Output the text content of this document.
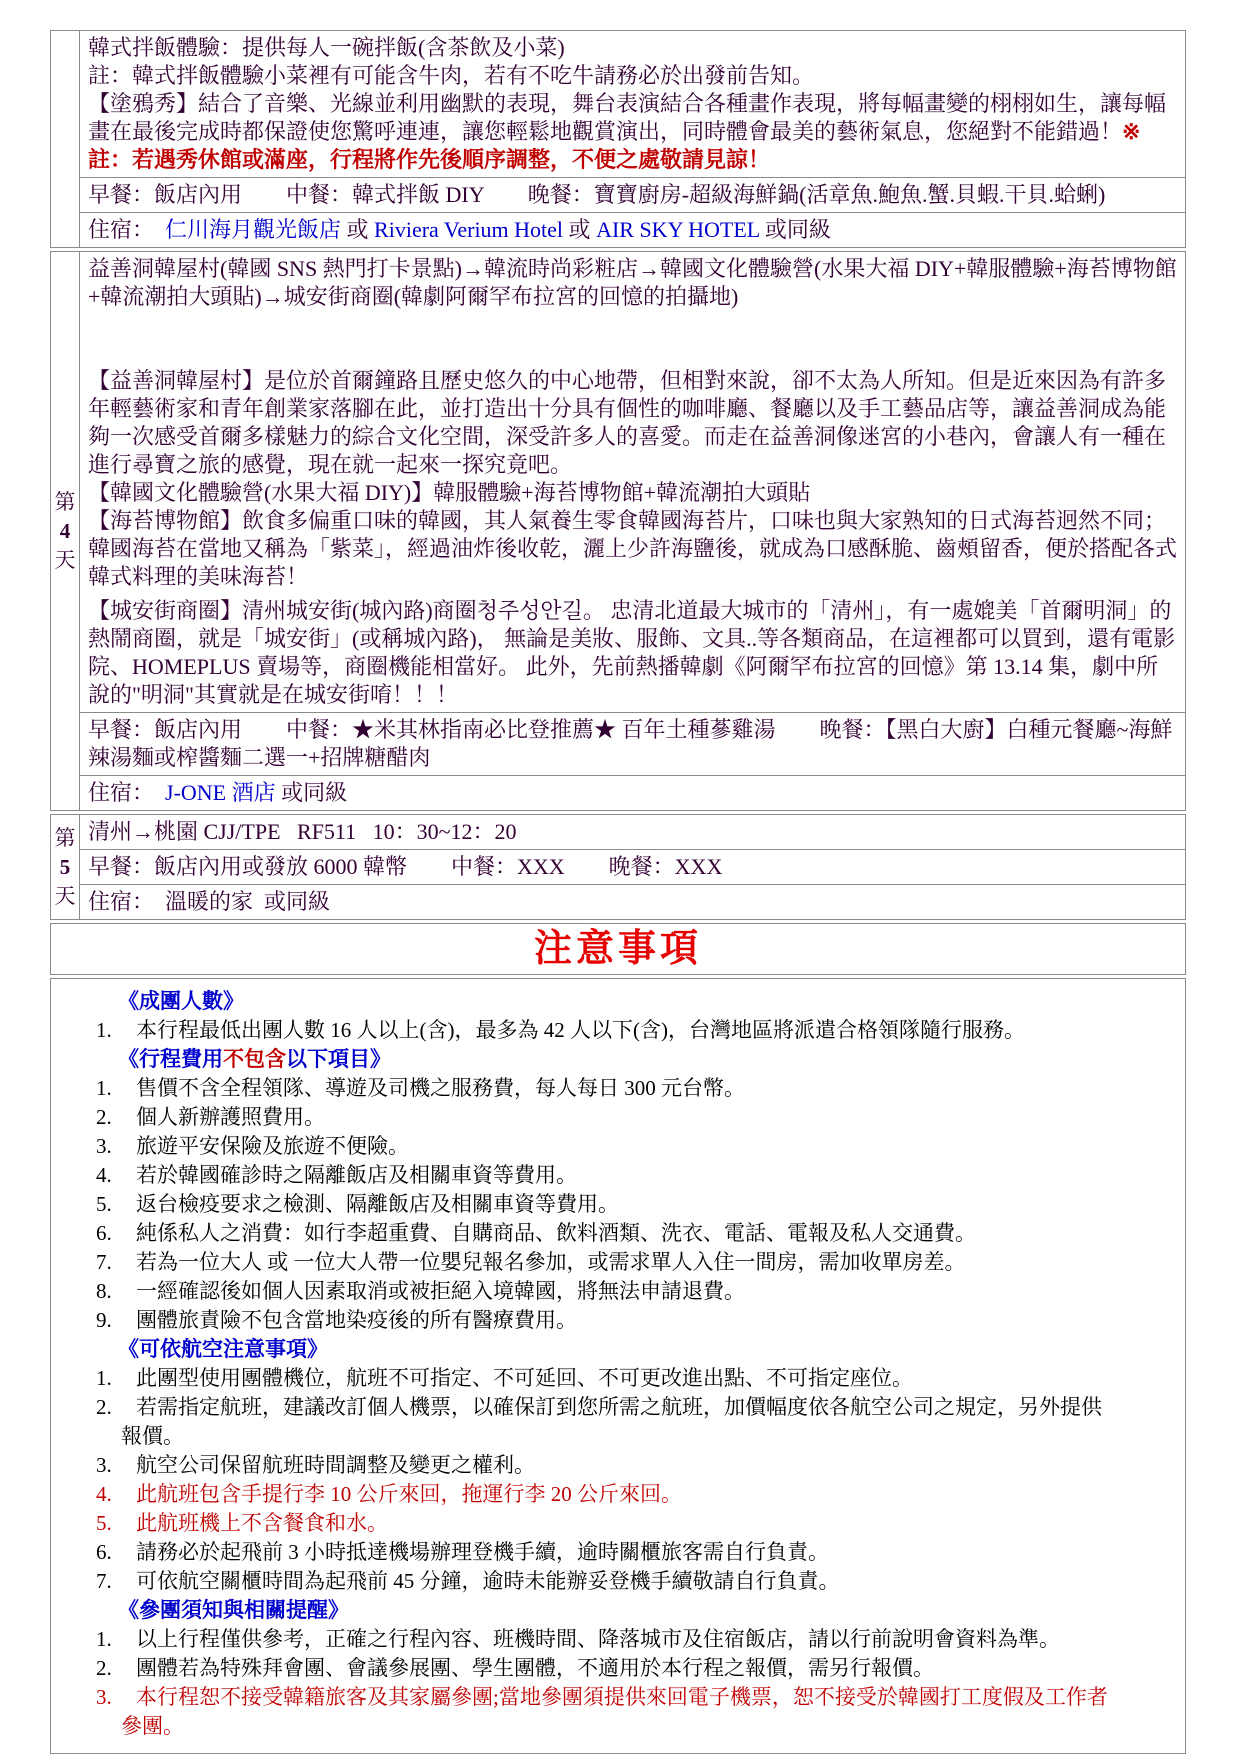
韓式拌飯體驗：提供每人一碗拌飯(含茶飲及小菜)
註：韓式拌飯體驗小菜裡有可能含牛肉，若有不吃牛請務必於出發前告知。
【塗鴉秀】結合了音樂、光線並利用幽默的表現，舞台表演結合各種畫作表現，將每幅畫變的栩栩如生，讓每幅畫在最後完成時都保證使您驚呼連連，讓您輕鬆地觀賞演出，同時體會最美的藝術氣息，您絕對不能錯過！※
註：若遇秀休館或滿座，行程將作先後順序調整，不便之處敬請見諒！
早餐：飯店內用　　中餐：韓式拌飯 DIY　　晚餐：寶寶廚房-超級海鮮鍋(活章魚.鮑魚.蟹.貝蝦.干貝.蛤蜊)
住宿：  仁川海月觀光飯店 或 Riviera Verium Hotel 或 AIR SKY HOTEL 或同級
第
4
天
益善洞韓屋村(韓國 SNS 熱門打卡景點)→韓流時尚彩粧店→韓國文化體驗營(水果大福 DIY+韓服體驗+海苔博物館+韓流潮拍大頭貼)→城安街商圈(韓劇阿爾罕布拉宮的回憶的拍攝地)
【益善洞韓屋村】是位於首爾鐘路且歷史悠久的中心地帶，但相對來說，卻不太為人所知。但是近來因為有許多年輕藝術家和青年創業家落腳在此，並打造出十分具有個性的咖啡廳、餐廳以及手工藝品店等，讓益善洞成為能夠一次感受首爾多樣魅力的綜合文化空間，深受許多人的喜愛。而走在益善洞像迷宮的小巷內，會讓人有一種在進行尋寶之旅的感覺，現在就一起來一探究竟吧。
【韓國文化體驗營(水果大福 DIY)】韓服體驗+海苔博物館+韓流潮拍大頭貼
【海苔博物館】飲食多偏重口味的韓國，其人氣養生零食韓國海苔片，口味也與大家熟知的日式海苔迥然不同；韓國海苔在當地又稱為「紫菜」，經過油炸後收乾，灑上少許海鹽後，就成為口感酥脆、齒頰留香，便於搭配各式韓式料理的美味海苔！
【城安街商圈】清州城安街(城內路)商圈청주성안길。 忠清北道最大城市的「清州」，有一處媲美「首爾明洞」的熱鬧商圈，就是「城安街」(或稱城內路)， 無論是美妝、服飾、文具..等各類商品，在這裡都可以買到，還有電影院、HOMEPLUS 賣場等，商圈機能相當好。 此外，先前熱播韓劇《阿爾罕布拉宮的回憶》第 13.14 集，劇中所說的"明洞"其實就是在城安街唷！！！
早餐：飯店內用　　中餐：★米其林指南必比登推薦★ 百年土種蔘雞湯　　晚餐：【黑白大廚】白種元餐廳~海鮮辣湯麵或榨醬麵二選一+招牌糖醋肉
住宿：  J-ONE 酒店 或同級
第
5
天
清州→桃園 CJJ/TPE   RF511   10：30~12：20
早餐：飯店內用或發放 6000 韓幣　　中餐：XXX　　晚餐：XXX
住宿：  溫暖的家  或同級
注意事項
《成團人數》
1.	本行程最低出團人數 16 人以上(含)，最多為 42 人以下(含)，台灣地區將派遣合格領隊隨行服務。
《行程費用不包含以下項目》
1.	售價不含全程領隊、導遊及司機之服務費，每人每日 300 元台幣。
2.	個人新辦護照費用。
3.	旅遊平安保險及旅遊不便險。
4.	若於韓國確診時之隔離飯店及相關車資等費用。
5.	返台檢疫要求之檢測、隔離飯店及相關車資等費用。
6.	純係私人之消費：如行李超重費、自購商品、飲料酒類、洗衣、電話、電報及私人交通費。
7.	若為一位大人 或 一位大人帶一位嬰兒報名參加，或需求單人入住一間房，需加收單房差。
8.	一經確認後如個人因素取消或被拒絕入境韓國，將無法申請退費。
9.	團體旅責險不包含當地染疫後的所有醫療費用。
《可依航空注意事項》
1.	此團型使用團體機位，航班不可指定、不可延回、不可更改進出點、不可指定座位。
2.	若需指定航班，建議改訂個人機票，以確保訂到您所需之航班，加價幅度依各航空公司之規定，另外提供報價。
3.	航空公司保留航班時間調整及變更之權利。
4.	此航班包含手提行李 10 公斤來回，拖運行李 20 公斤來回。
5.	此航班機上不含餐食和水。
6.	請務必於起飛前 3 小時抵達機場辦理登機手續，逾時關櫃旅客需自行負責。
7.	可依航空關櫃時間為起飛前 45 分鐘，逾時未能辦妥登機手續敬請自行負責。
《參團須知與相關提醒》
1.	以上行程僅供參考，正確之行程內容、班機時間、降落城市及住宿飯店，請以行前說明會資料為準。
2.	團體若為特殊拜會團、會議參展團、學生團體，不適用於本行程之報價，需另行報價。
3.	本行程恕不接受韓籍旅客及其家屬參團;當地參團須提供來回電子機票，恕不接受於韓國打工度假及工作者參團。
